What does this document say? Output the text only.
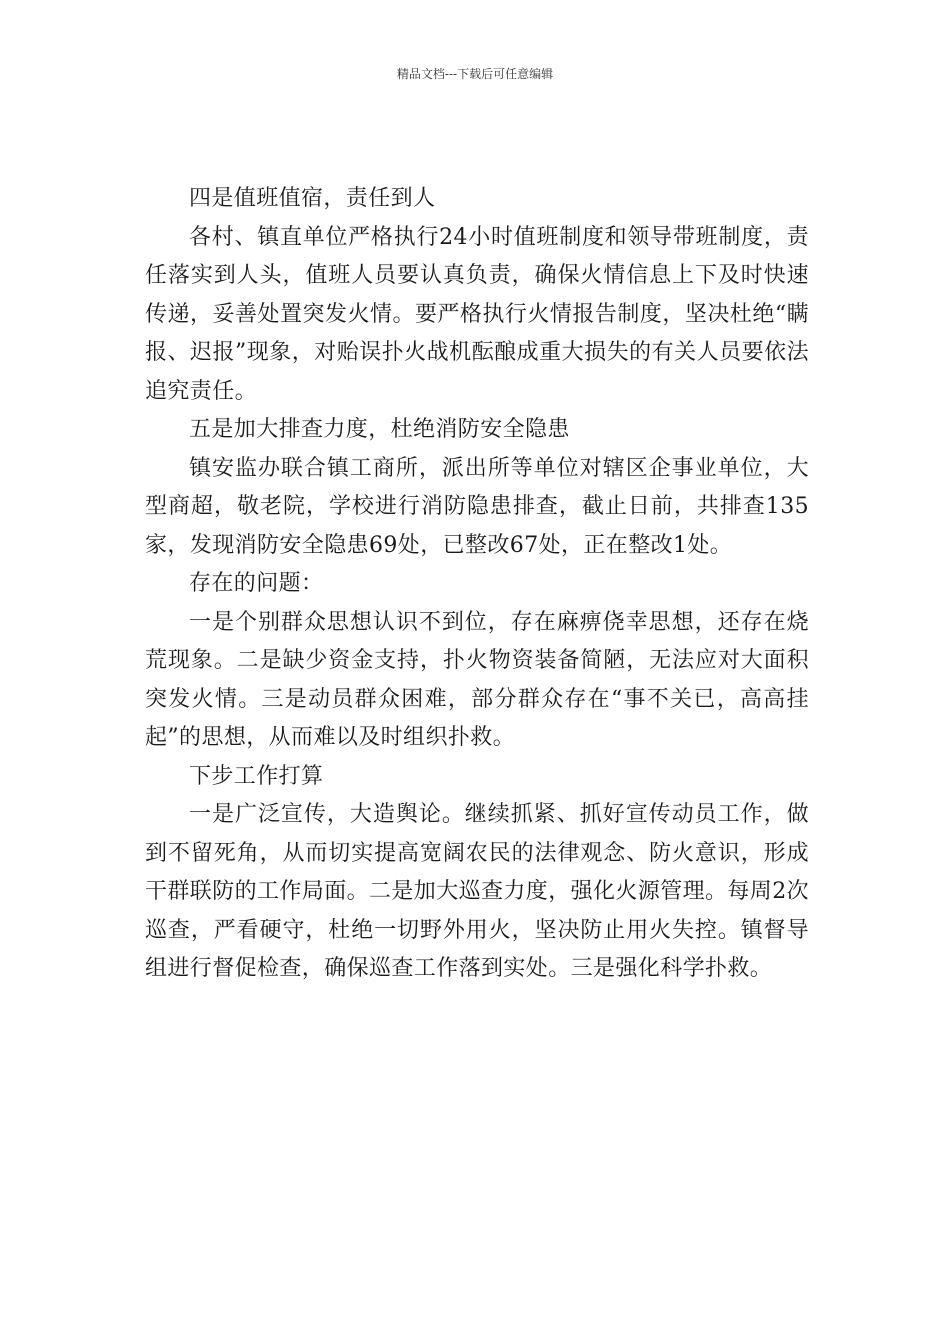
精品文档---下载后可任意编辑

四是值班值宿，责任到人

各村、镇直单位严格执行24小时值班制度和领导带班制度，责任落实到人头，值班人员要认真负责，确保火情信息上下及时快速传递，妥善处置突发火情。要严格执行火情报告制度，坚决杜绝“瞒报、迟报”现象，对贻误扑火战机酝酿成重大损失的有关人员要依法追究责任。

五是加大排查力度，杜绝消防安全隐患

镇安监办联合镇工商所，派出所等单位对辖区企事业单位，大型商超，敬老院，学校进行消防隐患排查，截止日前，共排查135家，发现消防安全隐患69处，已整改67处，正在整改1处。

存在的问题：

一是个别群众思想认识不到位，存在麻痹侥幸思想，还存在烧荒现象。二是缺少资金支持，扑火物资装备简陋，无法应对大面积突发火情。三是动员群众困难，部分群众存在“事不关已，高高挂起”的思想，从而难以及时组织扑救。

下步工作打算

一是广泛宣传，大造舆论。继续抓紧、抓好宣传动员工作，做到不留死角，从而切实提高宽阔农民的法律观念、防火意识，形成干群联防的工作局面。二是加大巡查力度，强化火源管理。每周2次巡查，严看硬守，杜绝一切野外用火，坚决防止用火失控。镇督导组进行督促检查，确保巡查工作落到实处。三是强化科学扑救。
